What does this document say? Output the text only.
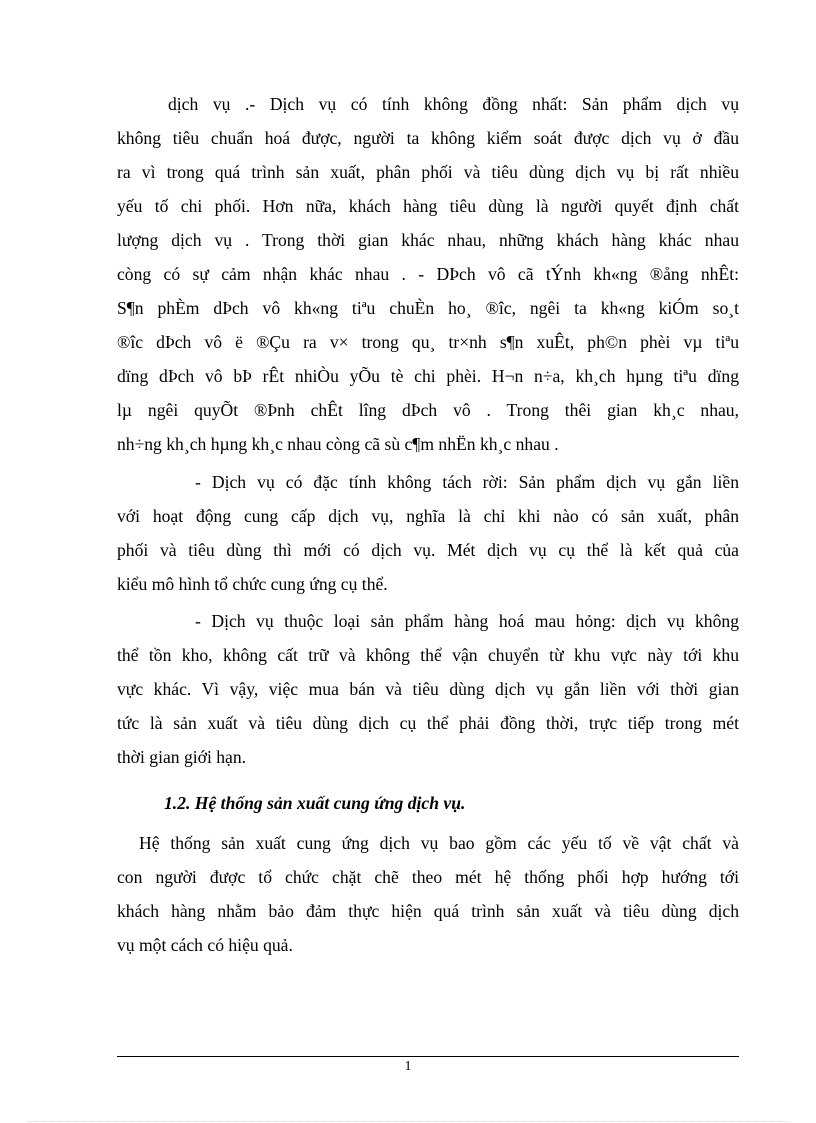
dịch vụ .- Dịch vụ có tính không đồng nhất: Sản phẩm dịch vụ
không tiêu chuẩn hoá được, người ta không kiểm soát được dịch vụ ở đầu
ra vì trong quá trình sản xuất, phân phối và tiêu dùng dịch vụ bị rất nhiều
yếu tố chi phối. Hơn nữa, khách hàng tiêu dùng là người quyết định chất
lượng dịch vụ . Trong thời gian khác nhau, những khách hàng khác nhau
còng có sự cảm nhận khác nhau . - DÞch vô cã tÝnh kh«ng ®ång nhÊt:
S¶n phÈm dÞch vô kh«ng tiªu chuÈn ho¸ ®îc, ngêi ta kh«ng kiÓm so¸t
®îc dÞch vô ë ®Çu ra v× trong qu¸ tr×nh s¶n xuÊt, ph©n phèi vµ tiªu
dïng dÞch vô bÞ rÊt nhiÒu yÕu tè chi phèi. H¬n n÷a, kh¸ch hµng tiªu dïng
lµ ngêi quyÕt ®Þnh chÊt lîng dÞch vô . Trong thêi gian kh¸c nhau,
nh÷ng kh¸ch hµng kh¸c nhau còng cã sù c¶m nhËn kh¸c nhau .
- Dịch vụ có đặc tính không tách rời: Sản phẩm dịch vụ gắn liền
với hoạt động cung cấp dịch vụ, nghĩa là chỉ khi nào có sản xuất, phân
phối và tiêu dùng thì mới có dịch vụ. Mét dịch vụ cụ thể là kết quả của
kiểu mô hình tổ chức cung ứng cụ thể.
- Dịch vụ thuộc loại sản phẩm hàng hoá mau hỏng: dịch vụ không
thể tồn kho, không cất trữ và không thể vận chuyển từ khu vực này tới khu
vực khác. Vì vậy, việc mua bán và tiêu dùng dịch vụ gắn liền với thời gian
tức là sản xuất và tiêu dùng dịch cụ thể phải đồng thời, trực tiếp trong mét
thời gian giới hạn.
1.2. Hệ thống sản xuất cung ứng dịch vụ.
Hệ thống sản xuất cung ứng dịch vụ bao gồm các yếu tố về vật chất và
con người được tổ chức chặt chẽ theo mét hệ thống phối hợp hướng tới
khách hàng nhằm bảo đảm thực hiện quá trình sản xuất và tiêu dùng dịch
vụ một cách có hiệu quả.
1
